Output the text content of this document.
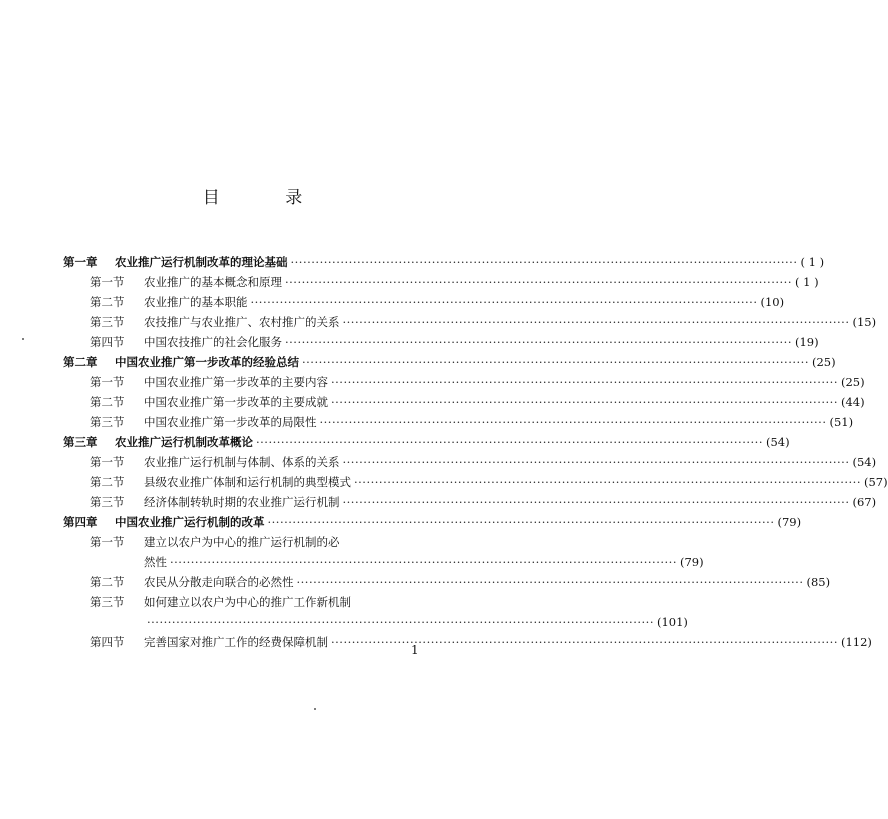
目 录
第一章	农业推广运行机制改革的理论基础 ·····	( 1 )
第一节	农业推广的基本概念和原理 ·····	( 1 )
第二节	农业推广的基本职能 ·····	(10)
第三节	农技推广与农业推广、农村推广的关系 ·····	(15)
第四节	中国农技推广的社会化服务 ·····	(19)
第二章	中国农业推广第一步改革的经验总结 ·····	(25)
第一节	中国农业推广第一步改革的主要内容 ·····	(25)
第二节	中国农业推广第一步改革的主要成就 ·····	(44)
第三节	中国农业推广第一步改革的局限性 ·····	(51)
第三章	农业推广运行机制改革概论 ·····	(54)
第一节	农业推广运行机制与体制、体系的关系 ·····	(54)
第二节	县级农业推广体制和运行机制的典型模式 ·····	(57)
第三节	经济体制转轨时期的农业推广运行机制 ·····	(67)
第四章	中国农业推广运行机制的改革 ·····	(79)
第一节	建立以农户为中心的推广运行机制的必
然性 ·····	(79)
第二节	农民从分散走向联合的必然性 ·····	(85)
第三节	如何建立以农户为中心的推广工作新机制
·····
(101)
第四节	完善国家对推广工作的经费保障机制 ·····	(112)
1
